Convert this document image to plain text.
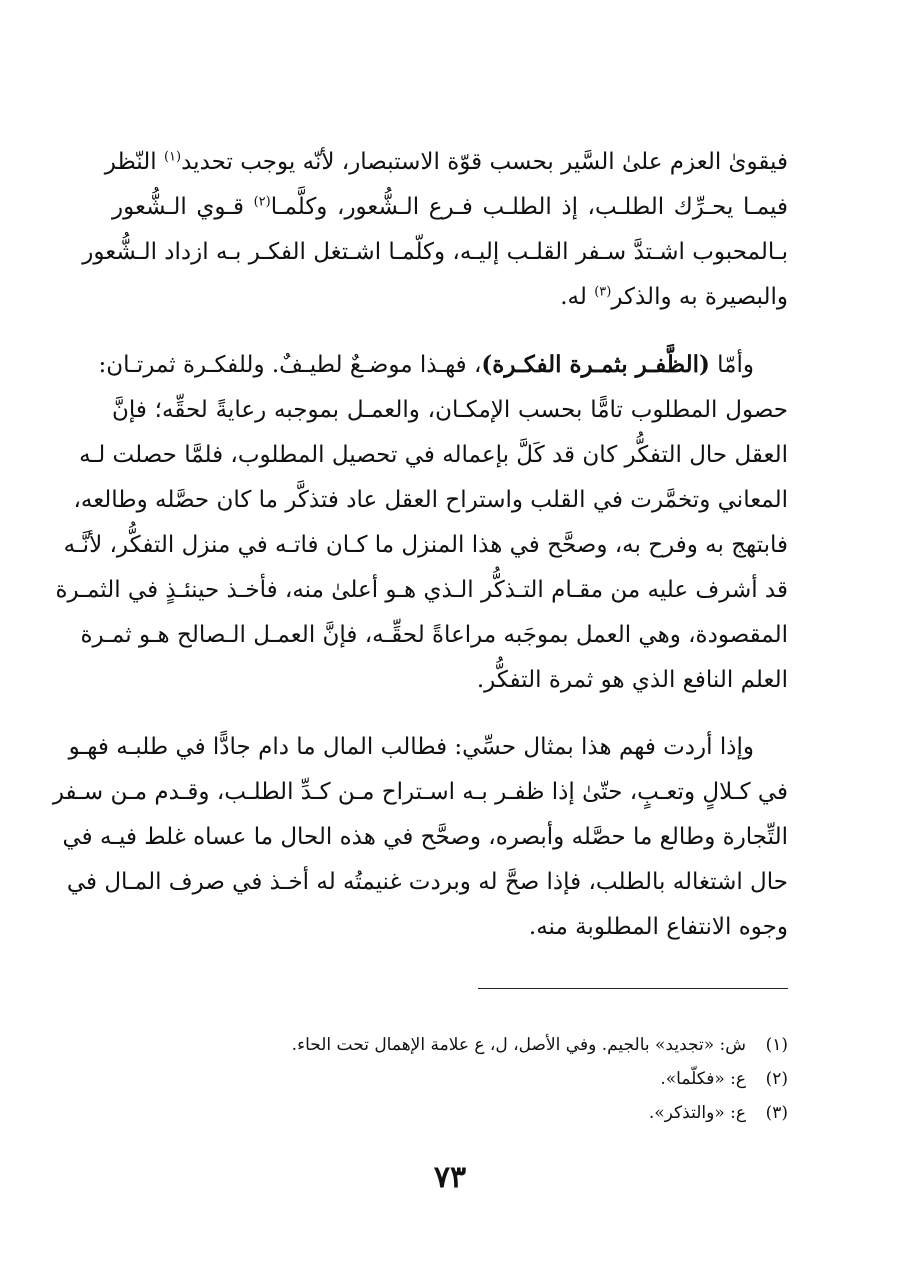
فيقوىٰ العزم علىٰ السَّير بحسب قوّة الاستبصار، لأنّه يوجب تحديد$^{(١)}$ النّظر
فيمـا يحـرِّك الطلـب، إذ الطلـب فـرع الـشُّعور، وكلَّمـا$^{(٢)}$ قـوي الـشُّعور
بـالمحبوب اشـتدَّ سـفر القلـب إليـه، وكلّمـا اشـتغل الفكـر بـه ازداد الـشُّعور
والبصيرة به والذكر$^{(٣)}$ له.

وأمّا (الظَّفـر بثمـرة الفكـرة)، فهـذا موضـعٌ لطيـفٌ. وللفكـرة ثمرتـان:
حصول المطلوب تامًّا بحسب الإمكـان، والعمـل بموجبه رعايةً لحقِّه؛ فإنَّ
العقل حال التفكُّر كان قد كَلَّ بإعماله في تحصيل المطلوب، فلمَّا حصلت لـه
المعاني وتخمَّرت في القلب واستراح العقل عاد فتذكَّر ما كان حصَّله وطالعه،
فابتهج به وفرح به، وصحَّح في هذا المنزل ما كـان فاتـه في منزل التفكُّر، لأنَّـه
قد أشرف عليه من مقـام التـذكُّر الـذي هـو أعلىٰ منه، فأخـذ حينئـذٍ في الثمـرة
المقصودة، وهي العمل بموجَبه مراعاةً لحقِّـه، فإنَّ العمـل الـصالح هـو ثمـرة
العلم النافع الذي هو ثمرة التفكُّر.

وإذا أردت فهم هذا بمثال حسِّي: فطالب المال ما دام جادًّا في طلبـه فهـو
في كـلالٍ وتعـبٍ، حتّىٰ إذا ظفـر بـه اسـتراح مـن كـدِّ الطلـب، وقـدم مـن سـفر
التِّجارة وطالع ما حصَّله وأبصره، وصحَّح في هذه الحال ما عساه غلط فيـه في
حال اشتغاله بالطلب، فإذا صحَّ له وبردت غنيمتُه له أخـذ في صرف المـال في
وجوه الانتفاع المطلوبة منه.

(١)ش: «تجديد» بالجيم. وفي الأصل، ل، ع علامة الإهمال تحت الحاء.
(٢)ع: «فكلّما».
(٣)ع: «والتذكر».
٧٣
